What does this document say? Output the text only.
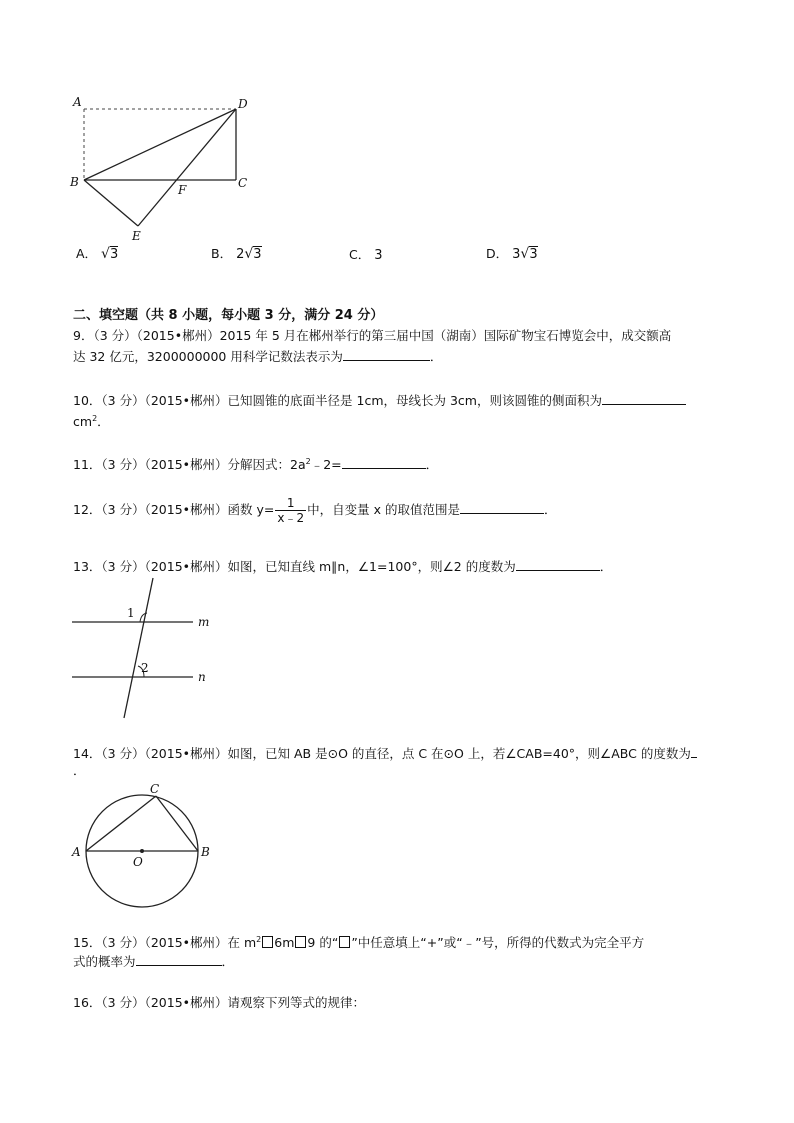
A	D
B	C
F
E
A． √3	B． 2√3	C． 3	D． 3√3
二、填空题（共 8 小题，每小题 3 分，满分 24 分）
9．（3 分）（2015•郴州）2015 年 5 月在郴州举行的第三届中国（湖南）国际矿物宝石博览会中，成交额高
达 32 亿元，3200000000 用科学记数法表示为	．
10．（3 分）（2015•郴州）已知圆锥的底面半径是 1cm，母线长为 3cm，则该圆锥的侧面积为
$cm^2$．
11．（3 分）（2015•郴州）分解因式：$2a^2﹣2=$	．
12．（3 分）（2015•郴州）函数 $y= \frac{1}{x﹣2}$ 中，自变量 x 的取值范围是	．
13．（3 分）（2015•郴州）如图，已知直线 m∥n，∠1=100°，则∠2 的度数为	．
1
2
m
n
14．（3 分）（2015•郴州）如图，已知 AB 是⊙O 的直径，点 C 在⊙O 上，若∠CAB=40°，则∠ABC 的度数为
．
A	B
C
O
15．（3 分）（2015•郴州）在 $m^2$ 6m 9 的“ ”中任意填上“+”或“﹣”号，所得的代数式为完全平方
式的概率为	．
16．（3 分）（2015•郴州）请观察下列等式的规律：
